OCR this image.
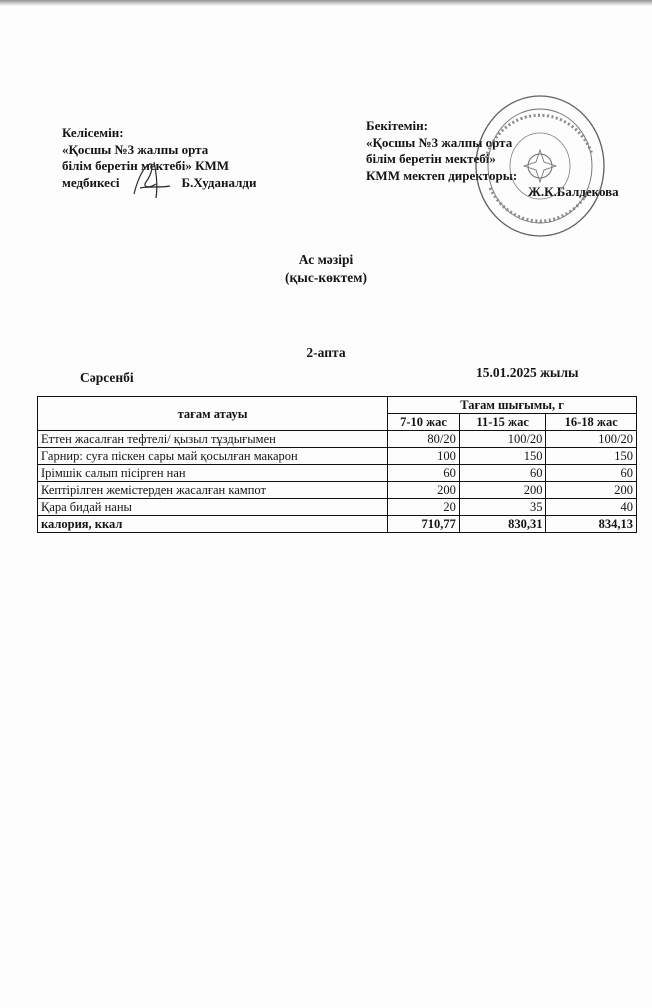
Келісемін:
«Қосшы №3 жалпы орта
білім беретін мектебі» КММ
медбикесі	Б.Худаналди
Бекітемін:
«Қосшы №3 жалпы орта
білім беретін мектебі»
КММ мектеп директоры:
Ж.К.Балдекова
Ас мәзірі
(қыс-көктем)
2-апта
Сәрсенбі	15.01.2025 жылы
тағам атауы	Тағам шығымы, г		
	7-10 жас	11-15 жас	16-18 жас
Еттен жасалған тефтелі/ қызыл тұздығымен	80/20	100/20	100/20
Гарнир: суға піскен сары май қосылған макарон	100	150	150
Ірімшік салып пісірген нан	60	60	60
Кептірілген жемістерден жасалған кампот	200	200	200
Қара бидай наны	20	35	40
калория, ккал	710,77	830,31	834,13
